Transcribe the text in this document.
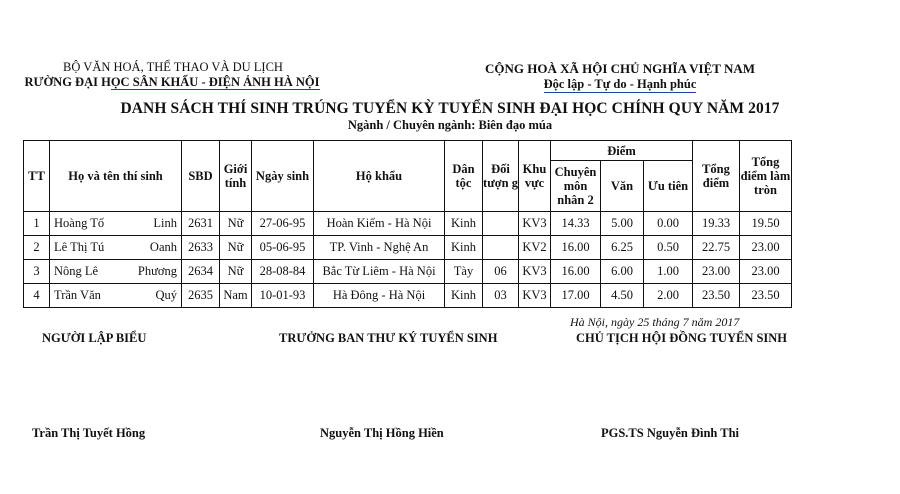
BỘ VĂN HOÁ, THỂ THAO VÀ DU LỊCH
RƯỜNG ĐẠI HỌC SÂN KHẤU - ĐIỆN ẢNH HÀ NỘI
CỘNG HOÀ XÃ HỘI CHỦ NGHĨA VIỆT NAM
Độc lập - Tự do - Hạnh phúc
DANH SÁCH THÍ SINH TRÚNG TUYỂN KỲ TUYỂN SINH ĐẠI HỌC CHÍNH QUY NĂM 2017
Ngành / Chuyên ngành: Biên đạo múa
TT	Họ và tên thí sinh	SBD	Giới tính	Ngày sinh	Hộ khẩu	Dân tộc	Đối tượn g	Khu vực	Điểm			Tổng điểm	Tổng điểm làm tròn
									Chuyên môn nhân 2	Văn	Ưu tiên		
1	Hoàng Tố Linh	2631	Nữ	27-06-95	Hoàn Kiếm - Hà Nội	Kinh		KV3	14.33	5.00	0.00	19.33	19.50
2	Lê Thị Tú Oanh	2633	Nữ	05-06-95	TP. Vinh - Nghệ An	Kinh		KV2	16.00	6.25	0.50	22.75	23.00
3	Nông Lê Phương	2634	Nữ	28-08-84	Bắc Từ Liêm - Hà Nội	Tày	06	KV3	16.00	6.00	1.00	23.00	23.00
4	Trần Văn Quý	2635	Nam	10-01-93	Hà Đông - Hà Nội	Kinh	03	KV3	17.00	4.50	2.00	23.50	23.50
Hà Nội, ngày 25 tháng 7 năm 2017
NGƯỜI LẬP BIỂU	TRƯỞNG BAN THƯ KÝ TUYỂN SINH	CHỦ TỊCH HỘI ĐỒNG TUYỂN SINH
Trần Thị Tuyết Hồng	Nguyễn Thị Hồng Hiền	PGS.TS Nguyễn Đình Thi
